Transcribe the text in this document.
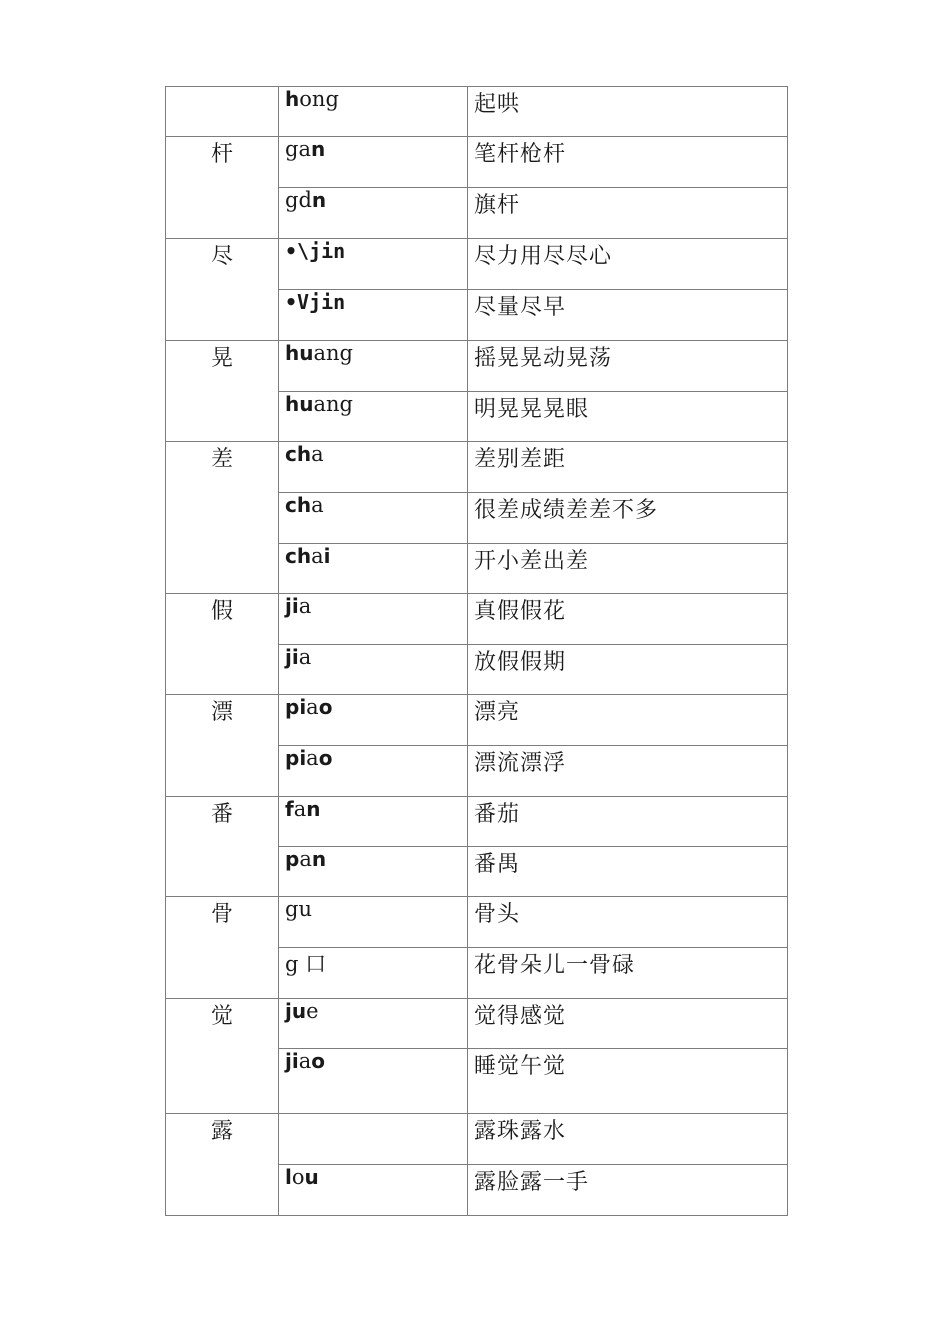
	hong	起哄
杆	gan	笔杆枪杆
	gdn	旗杆
尽	•\jin	尽力用尽尽心
	•Vjin	尽量尽早
晃	huang	摇晃晃动晃荡
	huang	明晃晃晃眼
差	cha	差别差距
	cha	很差成绩差差不多
	chai	开小差出差
假	jia	真假假花
	jia	放假假期
漂	piao	漂亮
	piao	漂流漂浮
番	fan	番茄
	pan	番禺
骨	gu	骨头
	g 口	花骨朵儿一骨碌
觉	jue	觉得感觉
	jiao	睡觉午觉
露		露珠露水
	lou	露脸露一手
